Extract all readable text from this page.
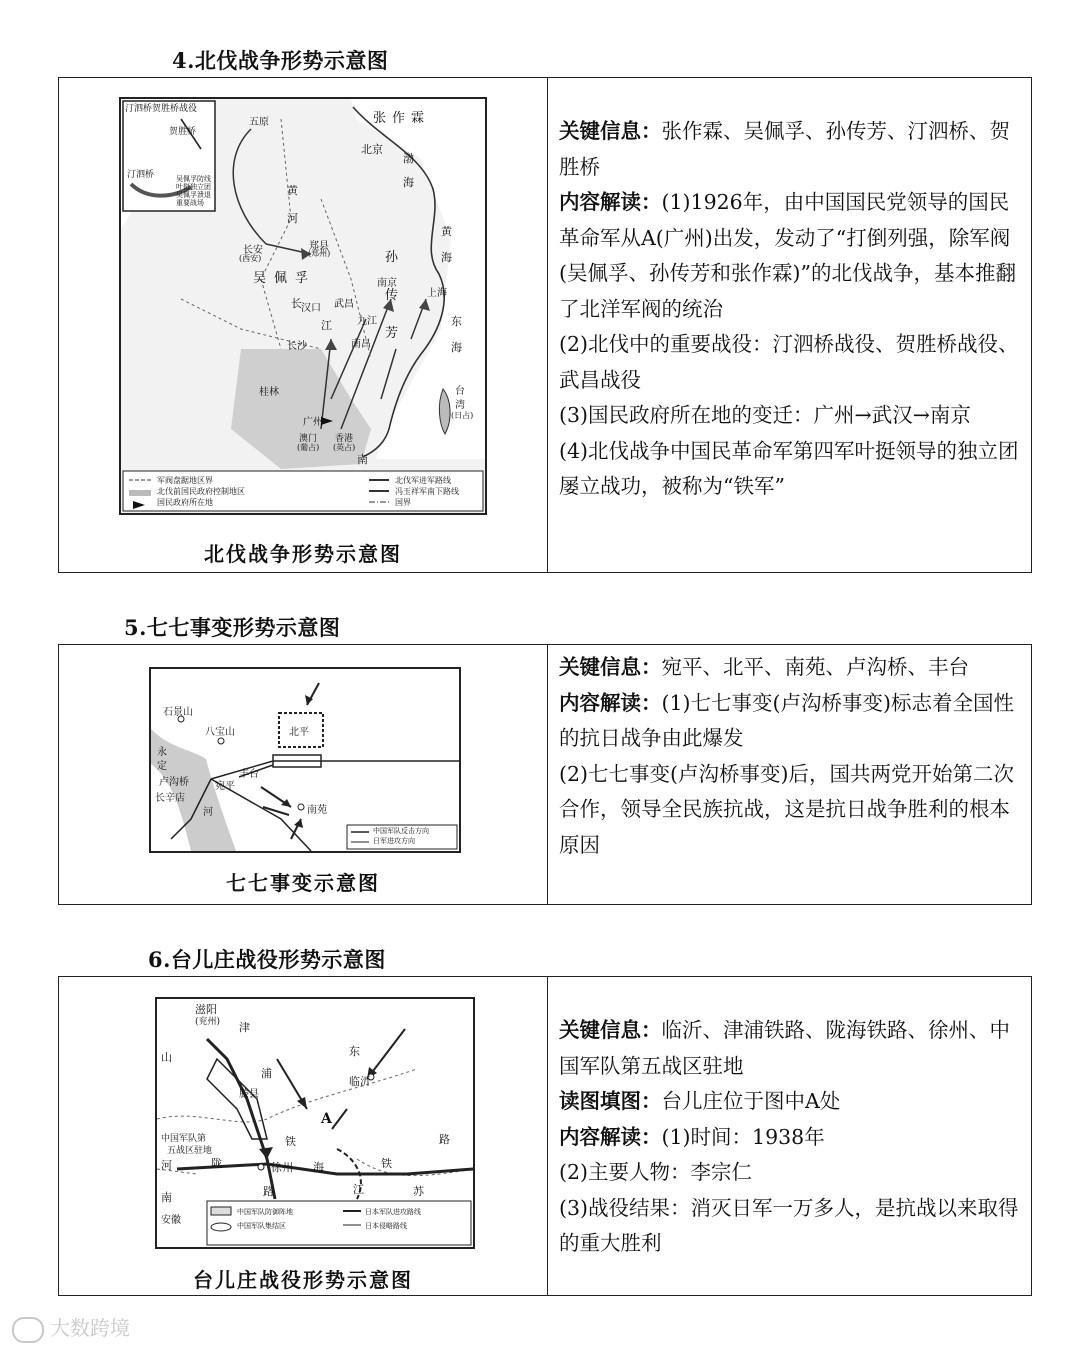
4.北伐战争形势示意图
汀泗桥贺胜桥战役
贺胜桥
汀泗桥	吴佩孚防线
叶挺独立团
吴佩孚溃退
重要战场
五原
北京
长安
(西安)
郑县
(郑州)
南京
上海
汉口 武昌
九江
长沙	南昌
桂林
广州
澳门
(葡占)
香港
(英占)
台
湾
(日占)
张作霖
吴佩孚
孙
传
芳
黄
河
长
江
渤
海
黄
海
东
海
南
军阀盘踞地区界
北伐前国民政府控制地区
国民政府所在地
北伐军进军路线
冯玉祥军南下路线
国界
北伐战争形势示意图

关键信息：张作霖、吴佩孚、孙传芳、汀泗桥、贺胜桥

内容解读：(1)1926年，由中国国民党领导的国民革命军从A(广州)出发，发动了“打倒列强，除军阀(吴佩孚、孙传芳和张作霖)”的北伐战争，基本推翻了北洋军阀的统治

(2)北伐中的重要战役：汀泗桥战役、贺胜桥战役、武昌战役

(3)国民政府所在地的变迁：广州→武汉→南京

(4)北伐战争中国民革命军第四军叶挺领导的独立团屡立战功，被称为“铁军”

5.七七事变形势示意图
石景山
八宝山	北平
丰台
宛平
卢沟桥
长辛店
南苑
永
定
河
中国军队反击方向
日军进攻方向
七七事变示意图

关键信息：宛平、北平、南苑、卢沟桥、丰台

内容解读：(1)七七事变(卢沟桥事变)标志着全国性的抗日战争由此爆发

(2)七七事变(卢沟桥事变)后，国共两党开始第二次合作，领导全民族抗战，这是抗日战争胜利的根本原因

6.台儿庄战役形势示意图
滋阳
(兖州)
临沂
滕县
A
徐州
中国军队第
五战区驻地
山	东
河
南
安徽
江	苏
津
浦
铁
路
陇	海	铁
路
中国军队防御阵地
中国军队集结区
日本军队进攻路线
日本侵略路线
台儿庄战役形势示意图

关键信息：临沂、津浦铁路、陇海铁路、徐州、中国军队第五战区驻地

读图填图：台儿庄位于图中A处

内容解读：(1)时间：1938年

(2)主要人物：李宗仁

(3)战役结果：消灭日军一万多人，是抗战以来取得的重大胜利

大数跨境
